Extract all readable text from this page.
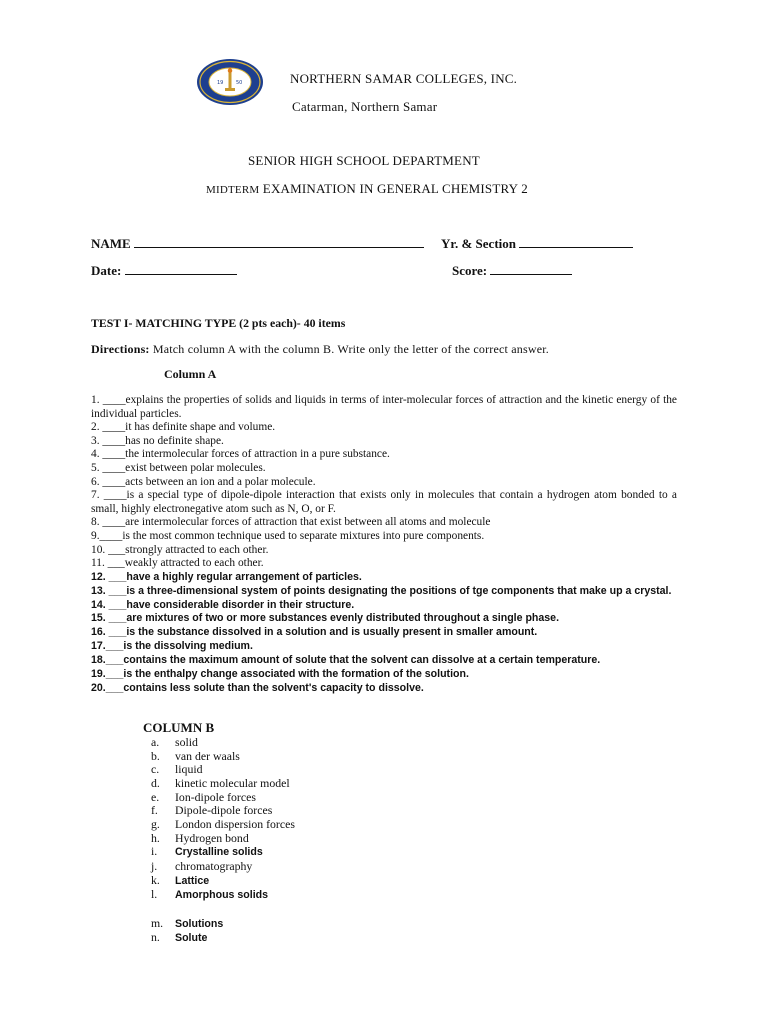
19	50	NORTHERN SAMAR COLLEGES, INC.
Catarman, Northern Samar
SENIOR HIGH SCHOOL DEPARTMENT
MIDTERM EXAMINATION IN GENERAL CHEMISTRY 2
NAME	Yr. & Section
Date:	Score:
TEST I- MATCHING TYPE (2 pts each)- 40 items
Directions: Match column A with the column B. Write only the letter of the correct answer.
Column A

1. ____explains the properties of solids and liquids in terms of inter-molecular forces of attraction and the kinetic energy of the individual particles.

2. ____it has definite shape and volume.

3. ____has no definite shape.

4. ____the intermolecular forces of attraction in a pure substance.

5. ____exist between polar molecules.

6. ____acts between an ion and a polar molecule.

7. ____is a special type of dipole-dipole interaction that exists only in molecules that contain a hydrogen atom bonded to a small, highly electronegative atom such as N, O, or F.

8. ____are intermolecular forces of attraction that exist between all atoms and molecule

9.____is the most common technique used to separate mixtures into pure components.

10. ___strongly attracted to each other.

11. ___weakly attracted to each other.

12. ___have a highly regular arrangement of particles.

13. ___is a three-dimensional system of points designating the positions of tge components that make up a crystal.

14. ___have considerable disorder in their structure.

15. ___are mixtures of two or more substances evenly distributed throughout a single phase.

16. ___is the substance dissolved in a solution and is usually present in smaller amount.

17.___is the dissolving medium.

18.___contains the maximum amount of solute that the solvent can dissolve at a certain temperature.

19.___is the enthalpy change associated with the formation of the solution.

20.___contains less solute than the solvent's capacity to dissolve.

COLUMN B
a. solid
b. van der waals
c. liquid
d. kinetic molecular model
e. Ion-dipole forces
f. Dipole-dipole forces
g. London dispersion forces
h. Hydrogen bond
i. Crystalline solids
j. chromatography
k. Lattice
l. Amorphous solids
m. Solutions
n. Solute
